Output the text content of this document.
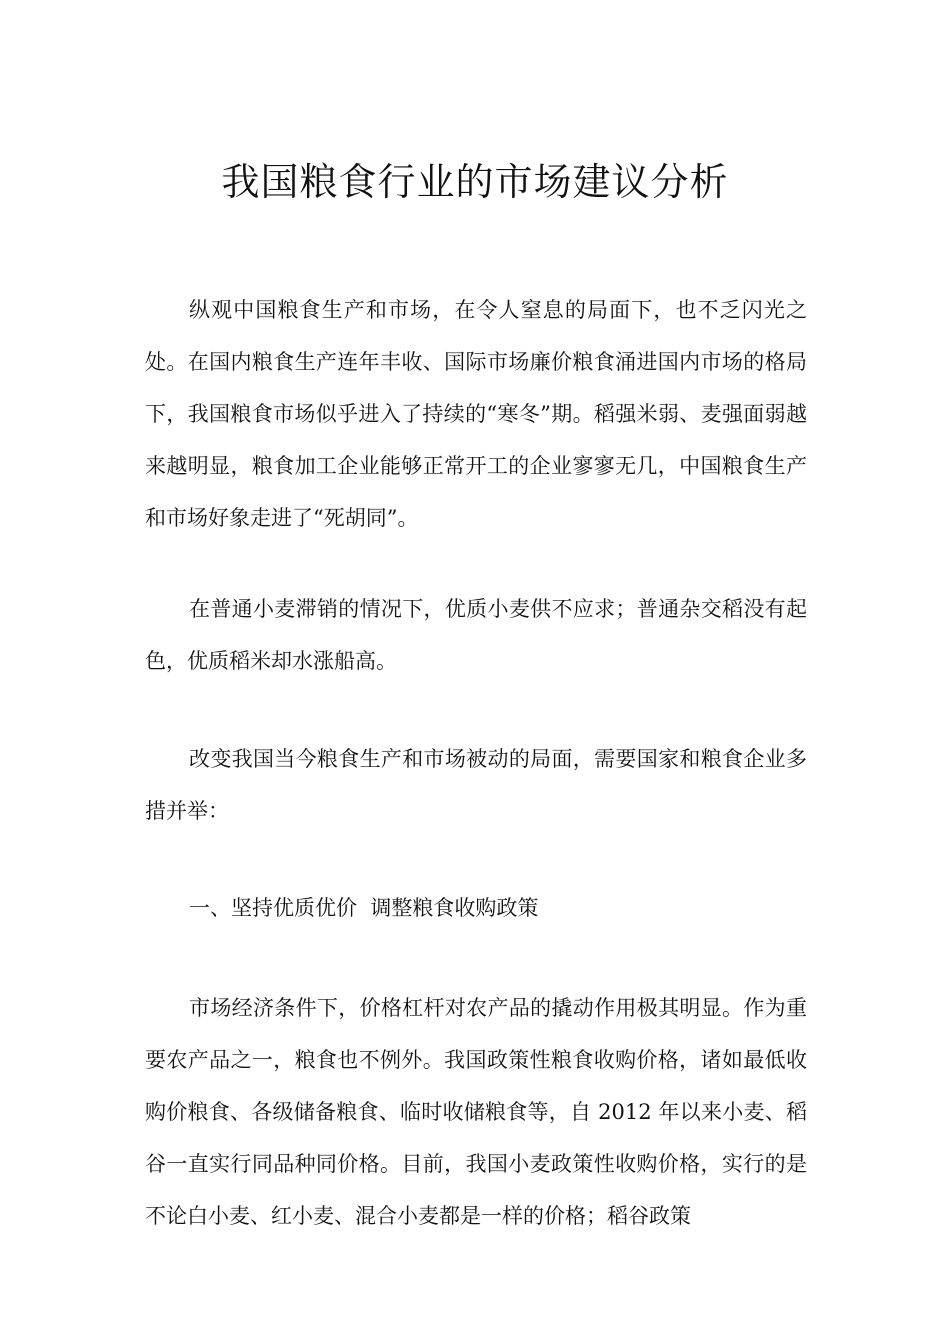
我国粮食行业的市场建议分析

纵观中国粮食生产和市场，在令人窒息的局面下，也不乏闪光之处。在国内粮食生产连年丰收、国际市场廉价粮食涌进国内市场的格局下，我国粮食市场似乎进入了持续的“寒冬”期。稻强米弱、麦强面弱越来越明显，粮食加工企业能够正常开工的企业寥寥无几，中国粮食生产和市场好象走进了“死胡同”。

在普通小麦滞销的情况下，优质小麦供不应求；普通杂交稻没有起色，优质稻米却水涨船高。

改变我国当今粮食生产和市场被动的局面，需要国家和粮食企业多措并举：

一、坚持优质优价  调整粮食收购政策

市场经济条件下，价格杠杆对农产品的撬动作用极其明显。作为重要农产品之一，粮食也不例外。我国政策性粮食收购价格，诸如最低收购价粮食、各级储备粮食、临时收储粮食等，自 2012 年以来小麦、稻谷一直实行同品种同价格。目前，我国小麦政策性收购价格，实行的是不论白小麦、红小麦、混合小麦都是一样的价格；稻谷政策
